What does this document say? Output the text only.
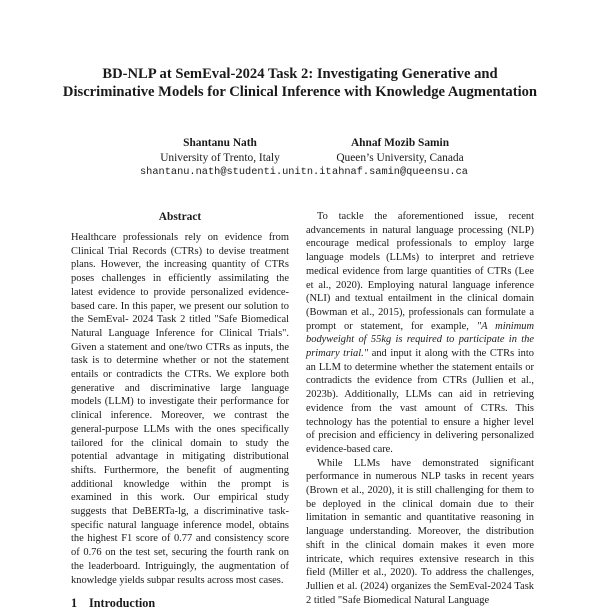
BD-NLP at SemEval-2024 Task 2: Investigating Generative and Discriminative Models for Clinical Inference with Knowledge Augmentation
Shantanu Nath
University of Trento, Italy
shantanu.nath@studenti.unitn.it
Ahnaf Mozib Samin
Queen’s University, Canada
ahnaf.samin@queensu.ca
Abstract

Healthcare professionals rely on evidence from Clinical Trial Records (CTRs) to devise treatment plans. However, the increasing quantity of CTRs poses challenges in efficiently assimilating the latest evidence to provide personalized evidence-based care. In this paper, we present our solution to the SemEval- 2024 Task 2 titled "Safe Biomedical Natural Language Inference for Clinical Trials". Given a statement and one/two CTRs as inputs, the task is to determine whether or not the statement entails or contradicts the CTRs. We explore both generative and discriminative large language models (LLM) to investigate their performance for clinical inference. Moreover, we contrast the general-purpose LLMs with the ones specifically tailored for the clinical domain to study the potential advantage in mitigating distributional shifts. Furthermore, the benefit of augmenting additional knowledge within the prompt is examined in this work. Our empirical study suggests that DeBERTa-lg, a discriminative task-specific natural language inference model, obtains the highest F1 score of 0.77 and consistency score of 0.76 on the test set, securing the fourth rank on the leaderboard. Intriguingly, the augmentation of knowledge yields subpar results across most cases.

1 Introduction

To tackle the aforementioned issue, recent advancements in natural language processing (NLP) encourage medical professionals to employ large language models (LLMs) to interpret and retrieve medical evidence from large quantities of CTRs (Lee et al., 2020). Employing natural language inference (NLI) and textual entailment in the clinical domain (Bowman et al., 2015), professionals can formulate a prompt or statement, for example, "A minimum bodyweight of 55kg is required to participate in the primary trial." and input it along with the CTRs into an LLM to determine whether the statement entails or contradicts the evidence from CTRs (Jullien et al., 2023b). Additionally, LLMs can aid in retrieving evidence from the vast amount of CTRs. This technology has the potential to ensure a higher level of precision and efficiency in delivering personalized evidence-based care.

While LLMs have demonstrated significant performance in numerous NLP tasks in recent years (Brown et al., 2020), it is still challenging for them to be deployed in the clinical domain due to their limitation in semantic and quantitative reasoning in language understanding. Moreover, the distribution shift in the clinical domain makes it even more intricate, which requires extensive research in this field (Miller et al., 2020). To address the challenges, Jullien et al. (2024) organizes the SemEval-2024 Task 2 titled "Safe Biomedical Natural Language
